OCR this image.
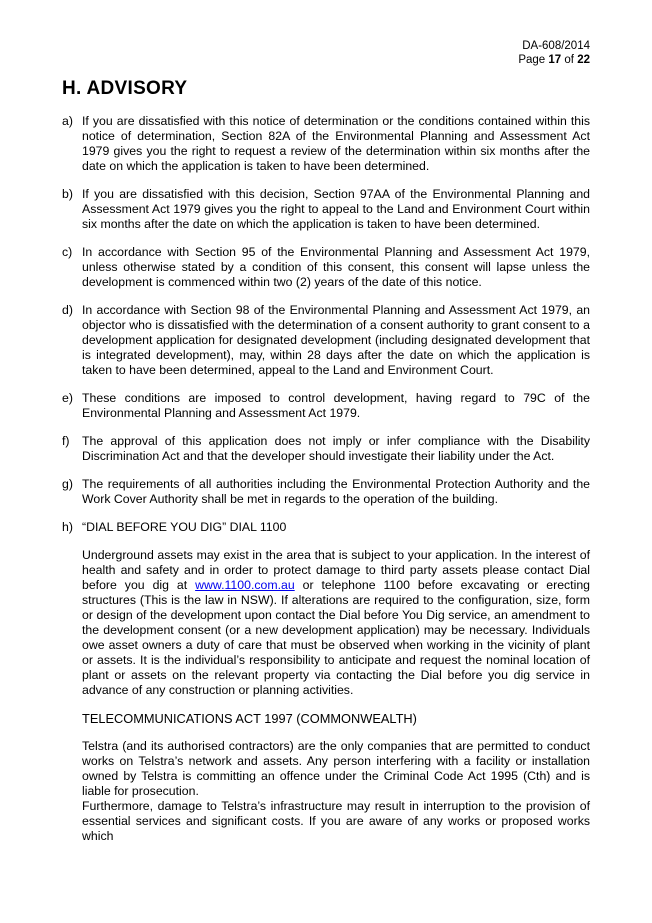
DA-608/2014
Page 17 of 22
H. ADVISORY
a) If you are dissatisfied with this notice of determination or the conditions contained within this notice of determination, Section 82A of the Environmental Planning and Assessment Act 1979 gives you the right to request a review of the determination within six months after the date on which the application is taken to have been determined.
b) If you are dissatisfied with this decision, Section 97AA of the Environmental Planning and Assessment Act 1979 gives you the right to appeal to the Land and Environment Court within six months after the date on which the application is taken to have been determined.
c) In accordance with Section 95 of the Environmental Planning and Assessment Act 1979, unless otherwise stated by a condition of this consent, this consent will lapse unless the development is commenced within two (2) years of the date of this notice.
d) In accordance with Section 98 of the Environmental Planning and Assessment Act 1979, an objector who is dissatisfied with the determination of a consent authority to grant consent to a development application for designated development (including designated development that is integrated development), may, within 28 days after the date on which the application is taken to have been determined, appeal to the Land and Environment Court.
e) These conditions are imposed to control development, having regard to 79C of the Environmental Planning and Assessment Act 1979.
f)	The approval of this application does not imply or infer compliance with the Disability Discrimination Act and that the developer should investigate their liability under the Act.
g) The requirements of all authorities including the Environmental Protection Authority and the Work Cover Authority shall be met in regards to the operation of the building.
h) “DIAL BEFORE YOU DIG” DIAL 1100
Underground assets may exist in the area that is subject to your application. In the interest of health and safety and in order to protect damage to third party assets please contact Dial before you dig at www.1100.com.au or telephone 1100 before excavating or erecting structures (This is the law in NSW). If alterations are required to the configuration, size, form or design of the development upon contact the Dial before You Dig service, an amendment to the development consent (or a new development application) may be necessary. Individuals owe asset owners a duty of care that must be observed when working in the vicinity of plant or assets. It is the individual’s responsibility to anticipate and request the nominal location of plant or assets on the relevant property via contacting the Dial before you dig service in advance of any construction or planning activities.
TELECOMMUNICATIONS ACT 1997 (COMMONWEALTH)
Telstra (and its authorised contractors) are the only companies that are permitted to conduct works on Telstra’s network and assets. Any person interfering with a facility or installation owned by Telstra is committing an offence under the Criminal Code Act 1995 (Cth) and is liable for prosecution.
Furthermore, damage to Telstra’s infrastructure may result in interruption to the provision of essential services and significant costs. If you are aware of any works or proposed works which
